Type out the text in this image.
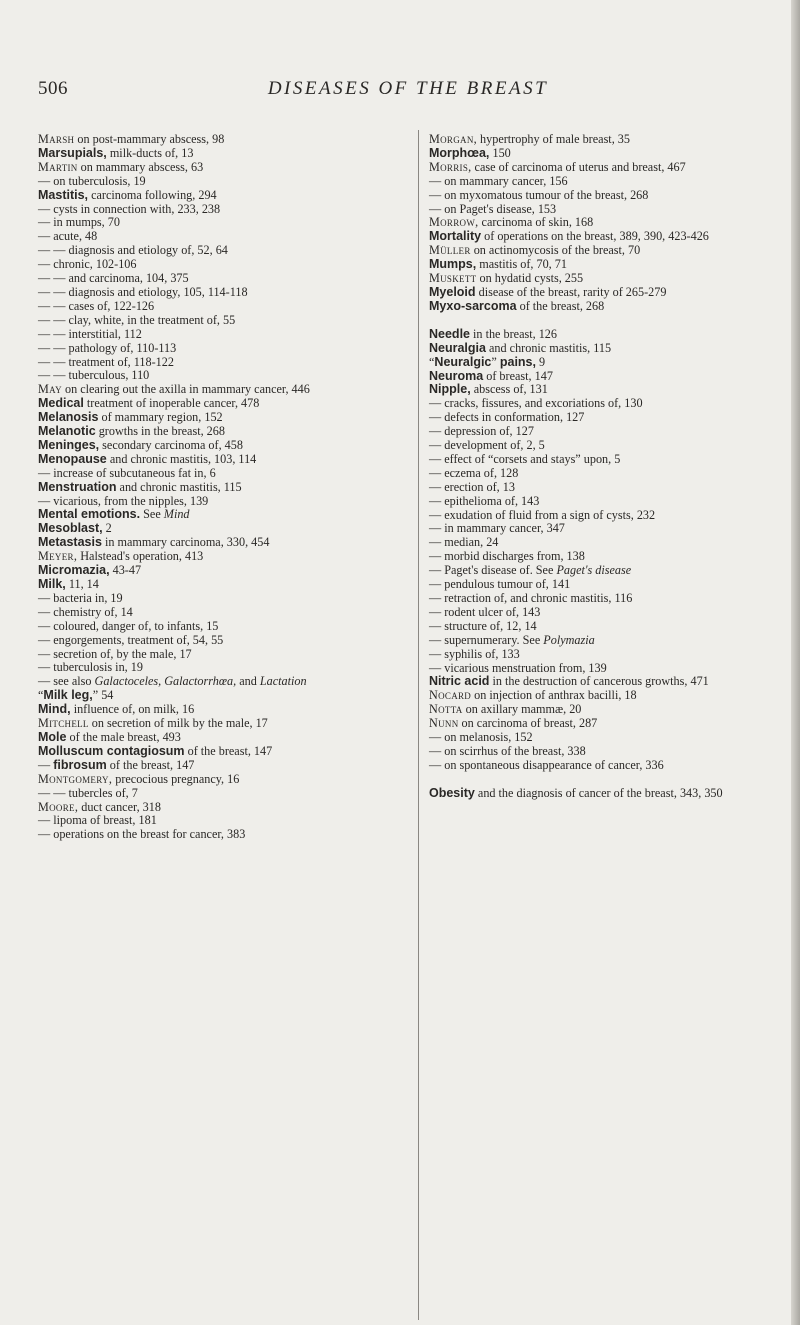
506	DISEASES OF THE BREAST

Marsh on post-mammary abscess, 98

Marsupials, milk-ducts of, 13

Martin on mammary abscess, 63

— on tuberculosis, 19

Mastitis, carcinoma following, 294

— cysts in connection with, 233, 238

— in mumps, 70

— acute, 48

— — diagnosis and etiology of, 52, 64

— chronic, 102-106

— — and carcinoma, 104, 375

— — diagnosis and etiology, 105, 114-118

— — cases of, 122-126

— — clay, white, in the treatment of, 55

— — interstitial, 112

— — pathology of, 110-113

— — treatment of, 118-122

— — tuberculous, 110

May on clearing out the axilla in mammary cancer, 446

Medical treatment of inoperable cancer, 478

Melanosis of mammary region, 152

Melanotic growths in the breast, 268

Meninges, secondary carcinoma of, 458

Menopause and chronic mastitis, 103, 114

— increase of subcutaneous fat in, 6

Menstruation and chronic mastitis, 115

— vicarious, from the nipples, 139

Mental emotions. See Mind

Mesoblast, 2

Metastasis in mammary carcinoma, 330, 454

Meyer, Halstead's operation, 413

Micromazia, 43-47

Milk, 11, 14

— bacteria in, 19

— chemistry of, 14

— coloured, danger of, to infants, 15

— engorgements, treatment of, 54, 55

— secretion of, by the male, 17

— tuberculosis in, 19

— see also Galactoceles, Galactorrhœa, and Lactation

“Milk leg,” 54

Mind, influence of, on milk, 16

Mitchell on secretion of milk by the male, 17

Mole of the male breast, 493

Molluscum contagiosum of the breast, 147

— fibrosum of the breast, 147

Montgomery, precocious pregnancy, 16

— — tubercles of, 7

Moore, duct cancer, 318

— lipoma of breast, 181

— operations on the breast for cancer, 383

Morgan, hypertrophy of male breast, 35

Morphœa, 150

Morris, case of carcinoma of uterus and breast, 467

— on mammary cancer, 156

— on myxomatous tumour of the breast, 268

— on Paget's disease, 153

Morrow, carcinoma of skin, 168

Mortality of operations on the breast, 389, 390, 423-426

Müller on actinomycosis of the breast, 70

Mumps, mastitis of, 70, 71

Muskett on hydatid cysts, 255

Myeloid disease of the breast, rarity of 265-279

Myxo-sarcoma of the breast, 268

Needle in the breast, 126

Neuralgia and chronic mastitis, 115

“Neuralgic” pains, 9

Neuroma of breast, 147

Nipple, abscess of, 131

— cracks, fissures, and excoriations of, 130

— defects in conformation, 127

— depression of, 127

— development of, 2, 5

— effect of “corsets and stays” upon, 5

— eczema of, 128

— erection of, 13

— epithelioma of, 143

— exudation of fluid from a sign of cysts, 232

— in mammary cancer, 347

— median, 24

— morbid discharges from, 138

— Paget's disease of. See Paget's disease

— pendulous tumour of, 141

— retraction of, and chronic mastitis, 116

— rodent ulcer of, 143

— structure of, 12, 14

— supernumerary. See Polymazia

— syphilis of, 133

— vicarious menstruation from, 139

Nitric acid in the destruction of cancerous growths, 471

Nocard on injection of anthrax bacilli, 18

Notta on axillary mammæ, 20

Nunn on carcinoma of breast, 287

— on melanosis, 152

— on scirrhus of the breast, 338

— on spontaneous disappearance of cancer, 336

Obesity and the diagnosis of cancer of the breast, 343, 350
